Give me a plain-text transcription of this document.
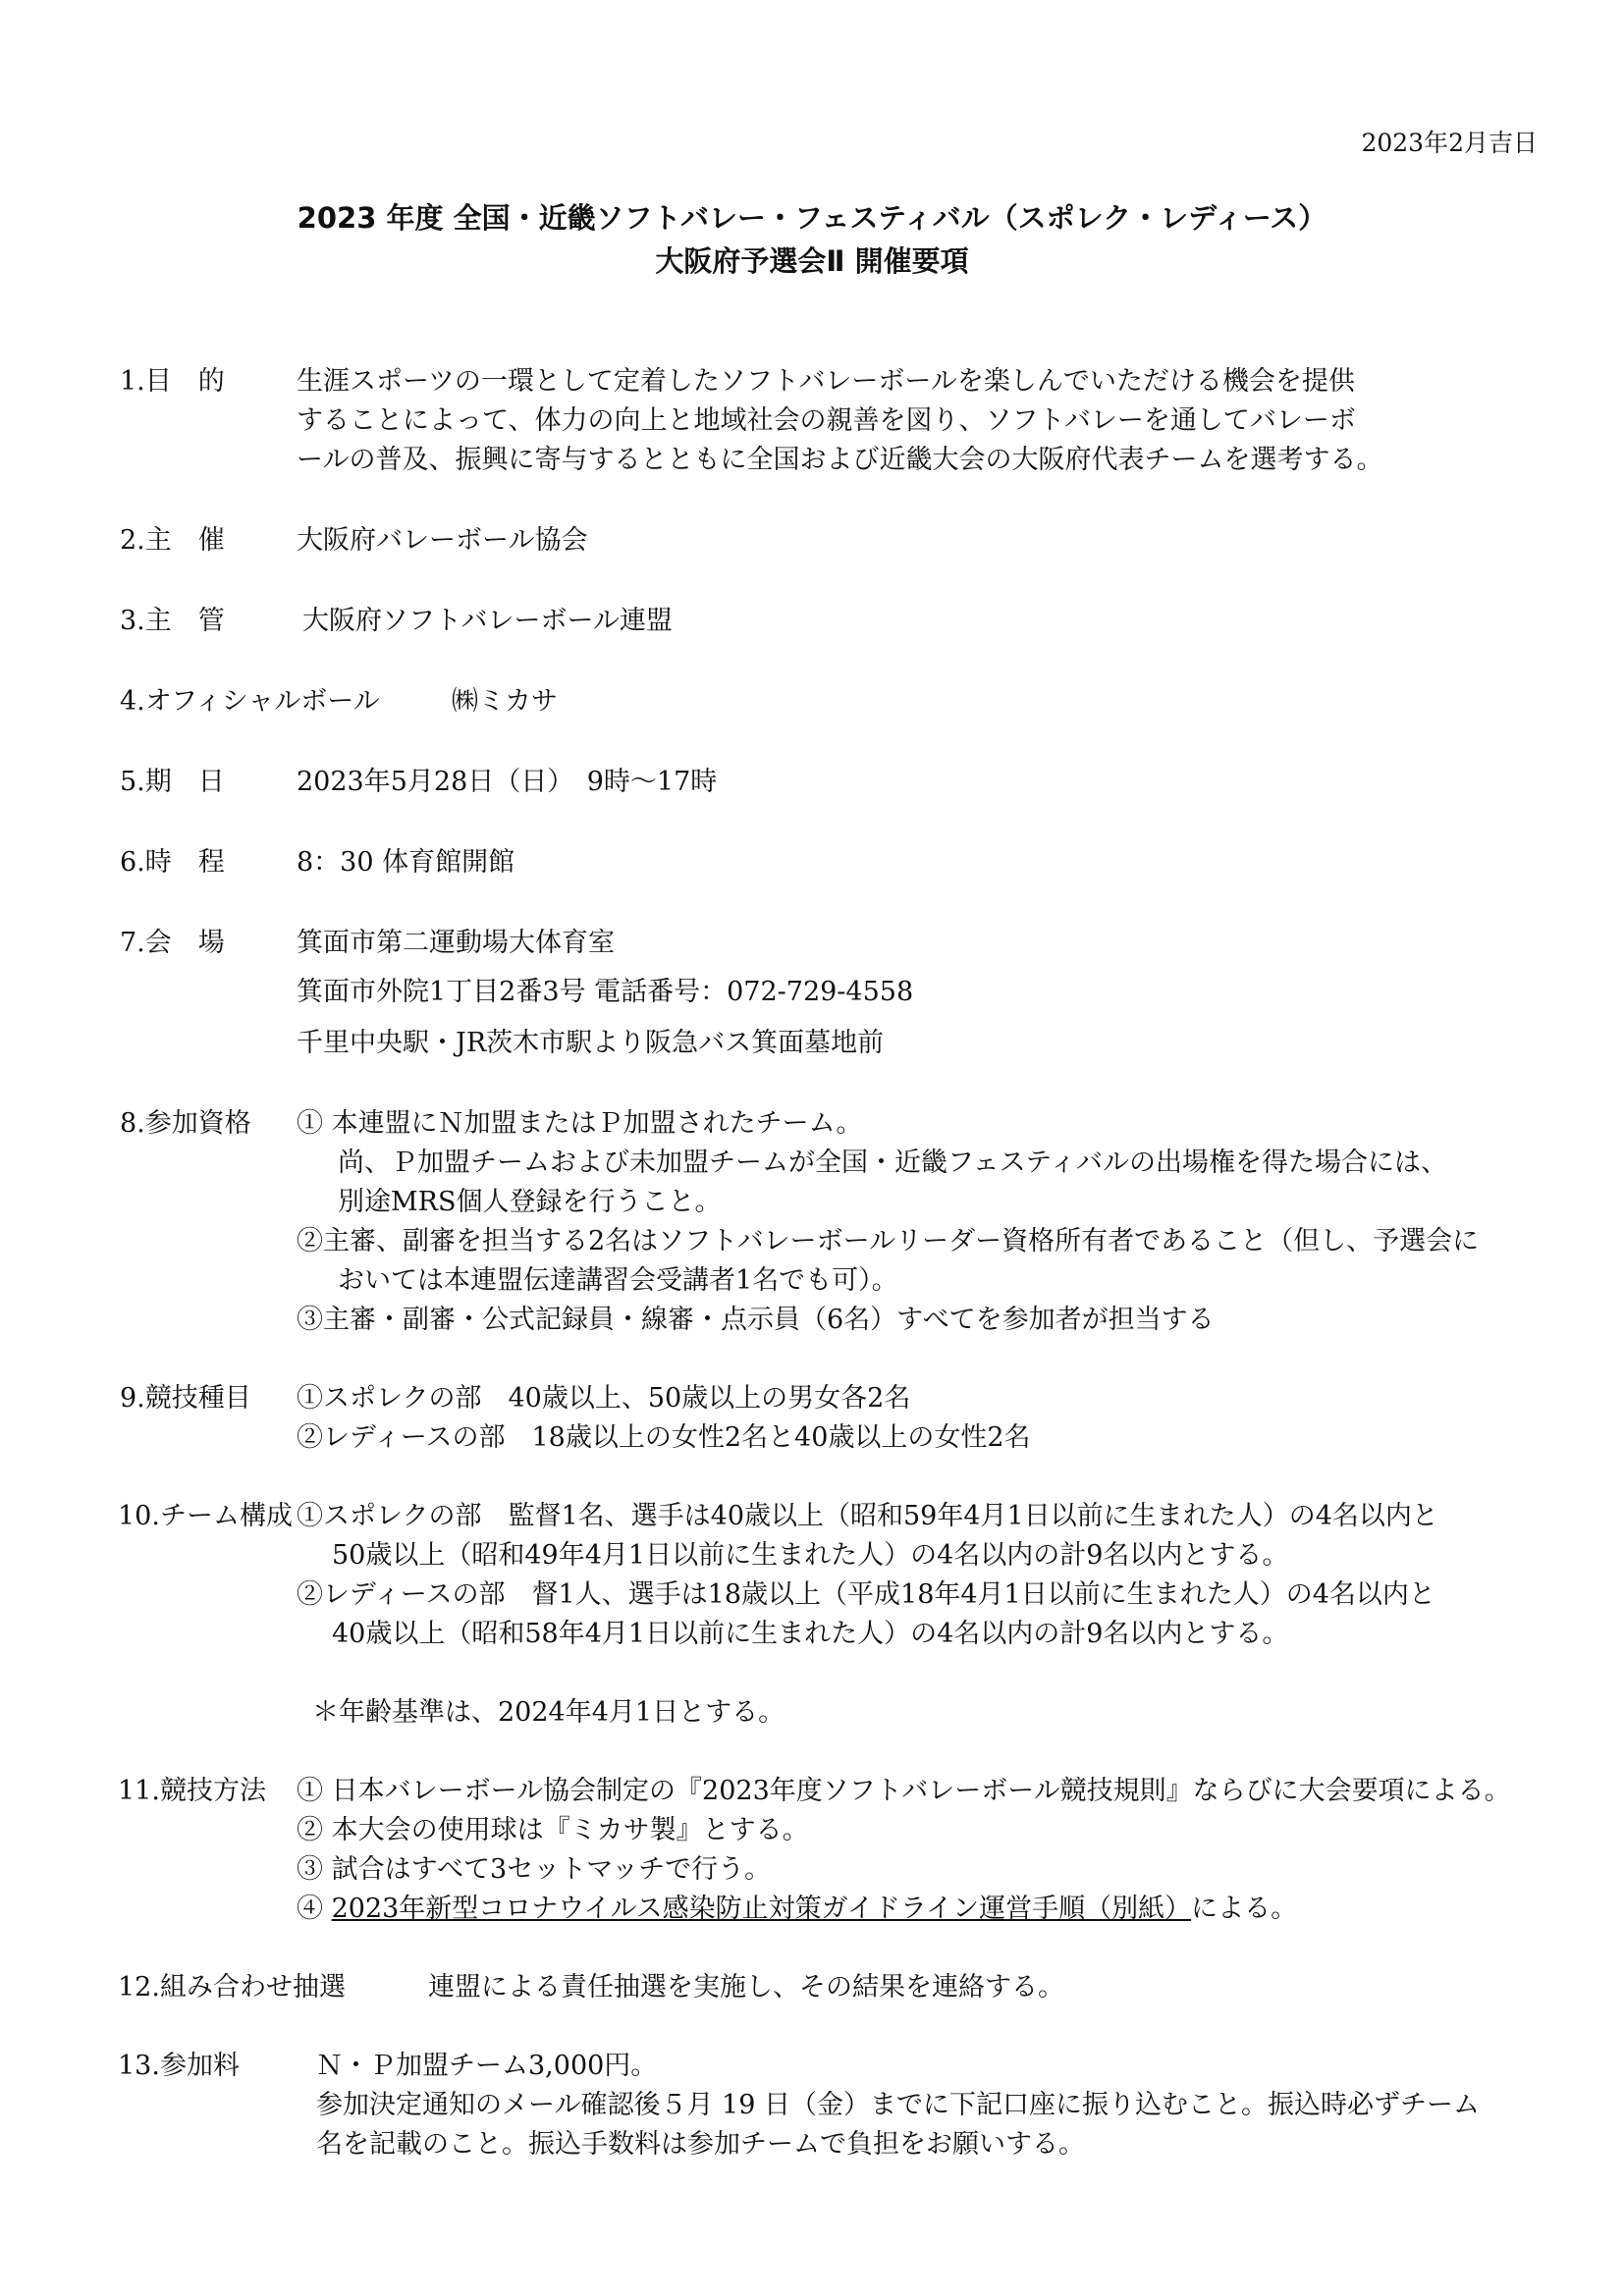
2023年2月吉日
2023 年度 全国・近畿ソフトバレー・フェスティバル（スポレク・レディース）
大阪府予選会Ⅱ 開催要項
1.目　的	生涯スポーツの一環として定着したソフトバレーボールを楽しんでいただける機会を提供
することによって、体力の向上と地域社会の親善を図り、ソフトバレーを通してバレーボ
ールの普及、振興に寄与するとともに全国および近畿大会の大阪府代表チームを選考する。
2.主　催	大阪府バレーボール協会
3.主　管	大阪府ソフトバレーボール連盟
4.オフィシャルボール	㈱ミカサ
5.期　日	2023年5月28日（日）　9時〜17時
6.時　程	8：30 体育館開館
7.会　場	箕面市第二運動場大体育室
箕面市外院1丁目2番3号 電話番号：072-729-4558
千里中央駅・JR茨木市駅より阪急バス箕面墓地前
8.参加資格 ① 本連盟にＮ加盟またはＰ加盟されたチーム。
尚、Ｐ加盟チームおよび未加盟チームが全国・近畿フェスティバルの出場権を得た場合には、
別途MRS個人登録を行うこと。
②主審、副審を担当する2名はソフトバレーボールリーダー資格所有者であること（但し、予選会に
おいては本連盟伝達講習会受講者1名でも可）。
③主審・副審・公式記録員・線審・点示員（6名）すべてを参加者が担当する
9.競技種目 ①スポレクの部　40歳以上、50歳以上の男女各2名
②レディースの部　18歳以上の女性2名と40歳以上の女性2名
10.チーム構成 ①スポレクの部　監督1名、選手は40歳以上（昭和59年4月1日以前に生まれた人）の4名以内と
50歳以上（昭和49年4月1日以前に生まれた人）の4名以内の計9名以内とする。
②レディースの部　督1人、選手は18歳以上（平成18年4月1日以前に生まれた人）の4名以内と
40歳以上（昭和58年4月1日以前に生まれた人）の4名以内の計9名以内とする。
＊年齢基準は、2024年4月1日とする。
11.競技方法 ① 日本バレーボール協会制定の『2023年度ソフトバレーボール競技規則』ならびに大会要項による。
② 本大会の使用球は『ミカサ製』とする。
③ 試合はすべて3セットマッチで行う。
④ 2023年新型コロナウイルス感染防止対策ガイドライン運営手順（別紙）による。
12.組み合わせ抽選	連盟による責任抽選を実施し、その結果を連絡する。
13.参加料	Ｎ・Ｐ加盟チーム3,000円。
参加決定通知のメール確認後５月 19 日（金）までに下記口座に振り込むこと。振込時必ずチーム
名を記載のこと。振込手数料は参加チームで負担をお願いする。
